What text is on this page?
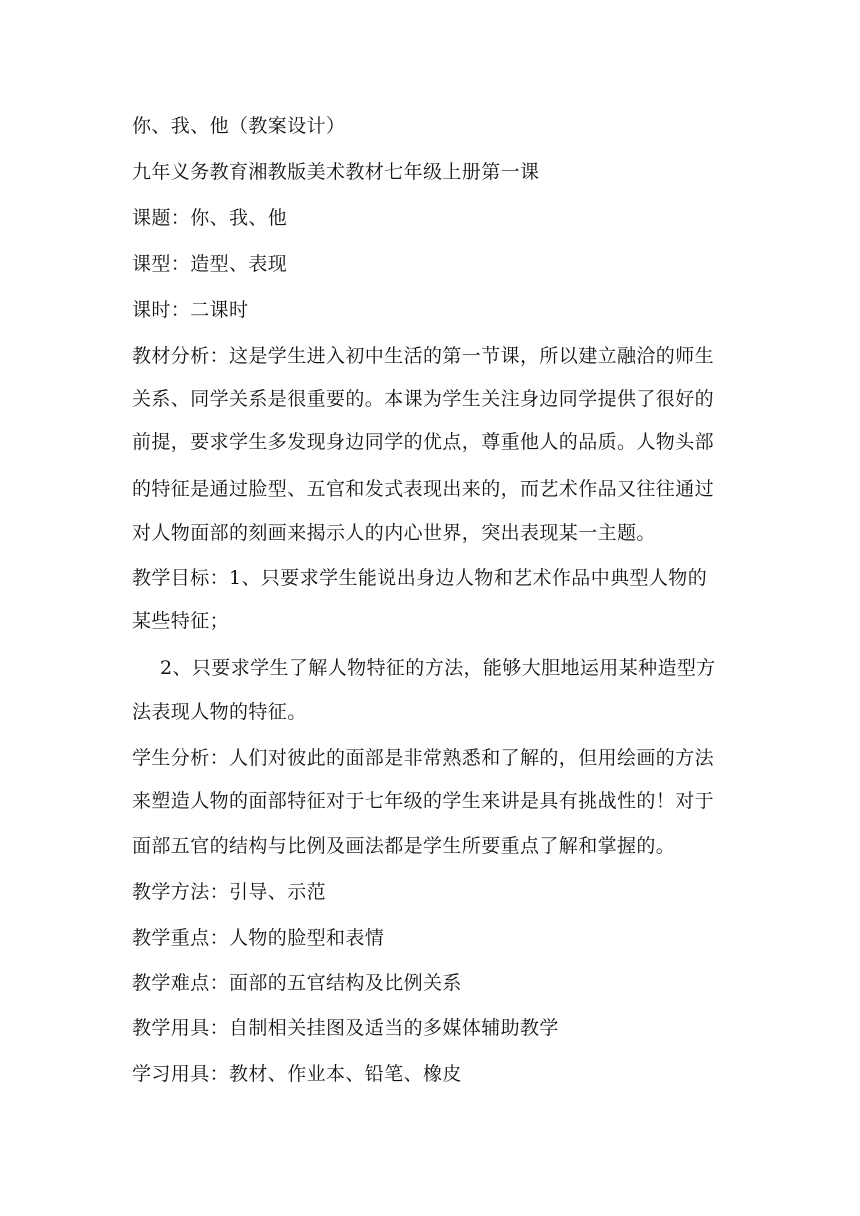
你、我、他（教案设计）
九年义务教育湘教版美术教材七年级上册第一课
课题：你、我、他
课型：造型、表现
课时：二课时
教材分析：这是学生进入初中生活的第一节课，所以建立融洽的师生
关系、同学关系是很重要的。本课为学生关注身边同学提供了很好的
前提，要求学生多发现身边同学的优点，尊重他人的品质。人物头部
的特征是通过脸型、五官和发式表现出来的，而艺术作品又往往通过
对人物面部的刻画来揭示人的内心世界，突出表现某一主题。
教学目标：1、只要求学生能说出身边人物和艺术作品中典型人物的
某些特征；
2、只要求学生了解人物特征的方法，能够大胆地运用某种造型方
法表现人物的特征。
学生分析：人们对彼此的面部是非常熟悉和了解的，但用绘画的方法
来塑造人物的面部特征对于七年级的学生来讲是具有挑战性的！对于
面部五官的结构与比例及画法都是学生所要重点了解和掌握的。
教学方法：引导、示范
教学重点：人物的脸型和表情
教学难点：面部的五官结构及比例关系
教学用具：自制相关挂图及适当的多媒体辅助教学
学习用具：教材、作业本、铅笔、橡皮
